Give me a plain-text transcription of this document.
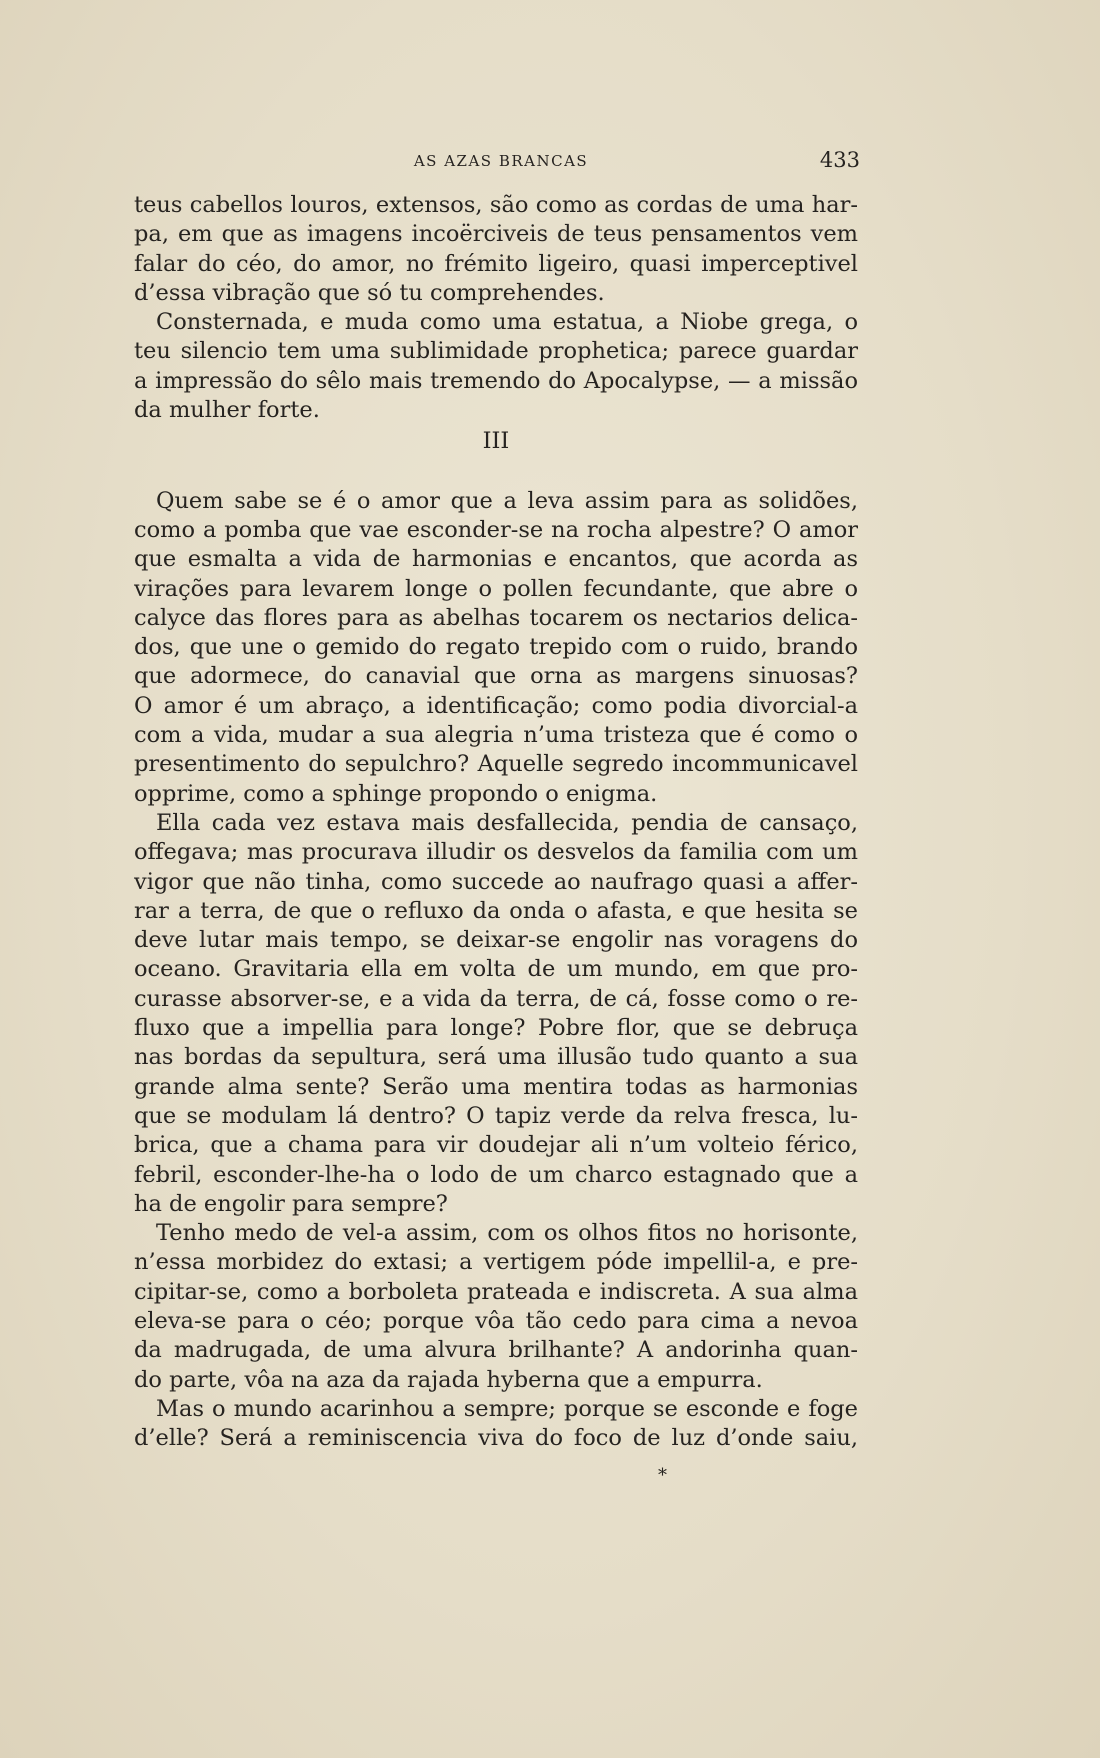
AS AZAS BRANCAS	433
teus cabellos louros, extensos, são como as cordas de uma har-
pa, em que as imagens incoërciveis de teus pensamentos vem
falar do céo, do amor, no frémito ligeiro, quasi imperceptivel
d’essa vibração que só tu comprehendes.
Consternada, e muda como uma estatua, a Niobe grega, o
teu silencio tem uma sublimidade prophetica; parece guardar
a impressão do sêlo mais tremendo do Apocalypse, — a missão
da mulher forte.
III
Quem sabe se é o amor que a leva assim para as solidões,
como a pomba que vae esconder-se na rocha alpestre? O amor
que esmalta a vida de harmonias e encantos, que acorda as
virações para levarem longe o pollen fecundante, que abre o
calyce das flores para as abelhas tocarem os nectarios delica-
dos, que une o gemido do regato trepido com o ruido, brando
que adormece, do canavial que orna as margens sinuosas?
O amor é um abraço, a identificação; como podia divorcial-a
com a vida, mudar a sua alegria n’uma tristeza que é como o
presentimento do sepulchro? Aquelle segredo incommunicavel
opprime, como a sphinge propondo o enigma.
Ella cada vez estava mais desfallecida, pendia de cansaço,
offegava; mas procurava illudir os desvelos da familia com um
vigor que não tinha, como succede ao naufrago quasi a affer-
rar a terra, de que o refluxo da onda o afasta, e que hesita se
deve lutar mais tempo, se deixar-se engolir nas voragens do
oceano. Gravitaria ella em volta de um mundo, em que pro-
curasse absorver-se, e a vida da terra, de cá, fosse como o re-
fluxo que a impellia para longe? Pobre flor, que se debruça
nas bordas da sepultura, será uma illusão tudo quanto a sua
grande alma sente? Serão uma mentira todas as harmonias
que se modulam lá dentro? O tapiz verde da relva fresca, lu-
brica, que a chama para vir doudejar ali n’um volteio férico,
febril, esconder-lhe-ha o lodo de um charco estagnado que a
ha de engolir para sempre?
Tenho medo de vel-a assim, com os olhos fitos no horisonte,
n’essa morbidez do extasi; a vertigem póde impellil-a, e pre-
cipitar-se, como a borboleta prateada e indiscreta. A sua alma
eleva-se para o céo; porque vôa tão cedo para cima a nevoa
da madrugada, de uma alvura brilhante? A andorinha quan-
do parte, vôa na aza da rajada hyberna que a empurra.
Mas o mundo acarinhou a sempre; porque se esconde e foge
d’elle? Será a reminiscencia viva do foco de luz d’onde saiu,
*
